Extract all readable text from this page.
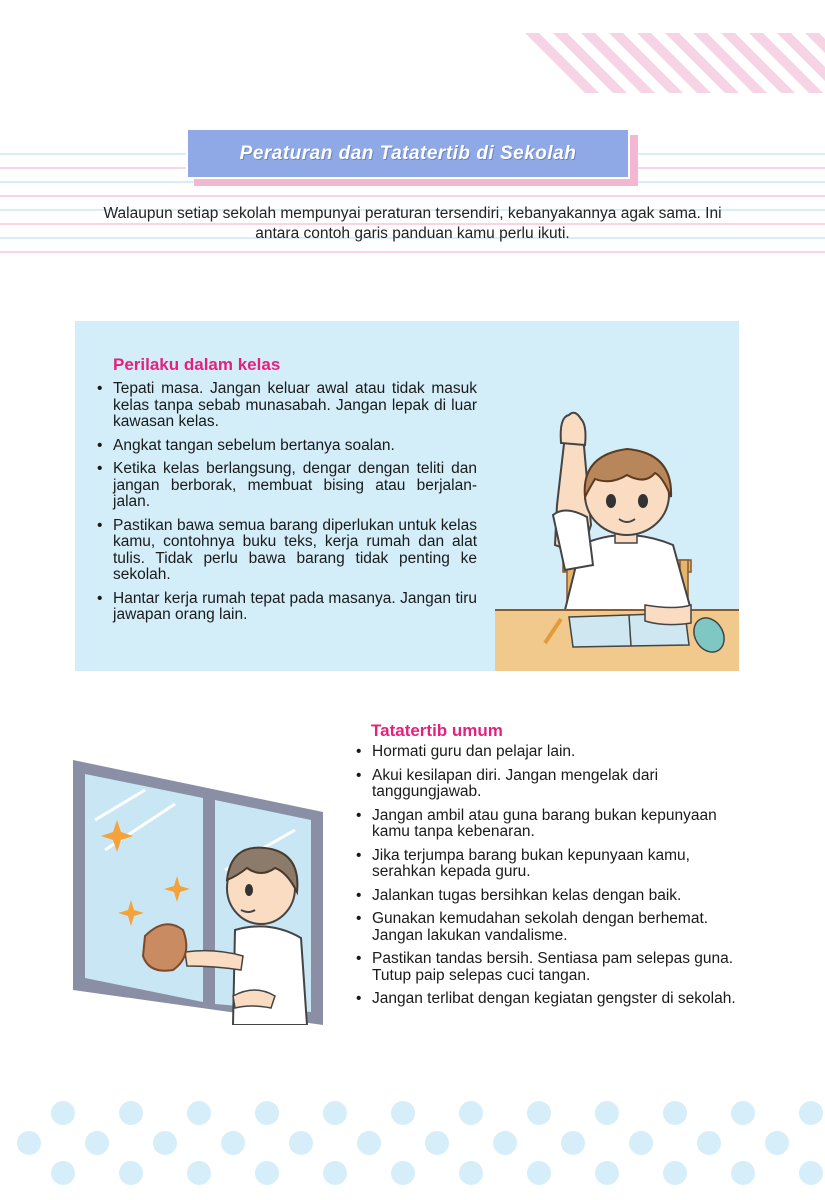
Peraturan dan Tatatertib di Sekolah

Walaupun setiap sekolah mempunyai peraturan tersendiri, kebanyakannya agak sama. Ini antara contoh garis panduan kamu perlu ikuti.

Perilaku dalam kelas
• Tepati masa. Jangan keluar awal atau tidak masuk kelas tanpa sebab munasabah. Jangan lepak di luar kawasan kelas.
• Angkat tangan sebelum bertanya soalan.
• Ketika kelas berlangsung, dengar dengan teliti dan jangan berborak, membuat bising atau berjalan-jalan.
• Pastikan bawa semua barang diperlukan untuk kelas kamu, contohnya buku teks, kerja rumah dan alat tulis. Tidak perlu bawa barang tidak penting ke sekolah.
• Hantar kerja rumah tepat pada masanya. Jangan tiru jawapan orang lain.
Tatatertib umum
• Hormati guru dan pelajar lain.
• Akui kesilapan diri. Jangan mengelak dari tanggungjawab.
• Jangan ambil atau guna barang bukan kepunyaan kamu tanpa kebenaran.
• Jika terjumpa barang bukan kepunyaan kamu, serahkan kepada guru.
• Jalankan tugas bersihkan kelas dengan baik.
• Gunakan kemudahan sekolah dengan berhemat. Jangan lakukan vandalisme.
• Pastikan tandas bersih. Sentiasa pam selepas guna. Tutup paip selepas cuci tangan.
• Jangan terlibat dengan kegiatan gengster di sekolah.
